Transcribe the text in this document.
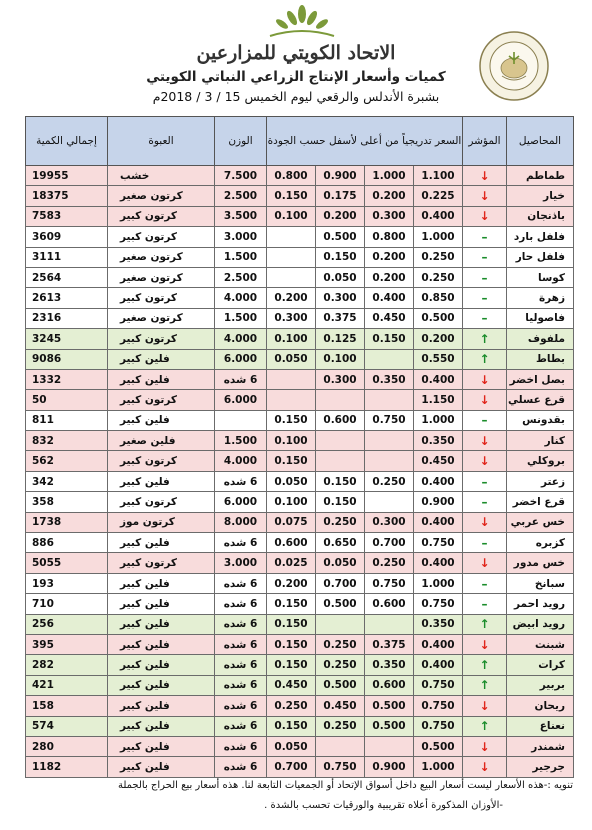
الاتحاد الكويتي للمزارعين
كميات وأسعار الإنتاج الزراعي النباتي الكويتي
بشبرة الأندلس والرقعي ليوم الخميس 15 / 3 / 2018م
المحاصيل	المؤشر	السعر تدريجياً من أعلى لأسفل حسب الجودة				الوزن	العبوة	إجمالي الكمية
طماطم	↓	1.100	1.000	0.900	0.800	7.500	خشب	19955
خيار	↓	0.225	0.200	0.175	0.150	2.500	كرتون صغير	18375
باذنجان	↓	0.400	0.300	0.200	0.100	3.500	كرتون كبير	7583
فلفل بارد	–	1.000	0.800	0.500		3.000	كرتون كبير	3609
فلفل حار	–	0.250	0.200	0.150		1.500	كرتون صغير	3111
كوسا	–	0.250	0.200	0.050		2.500	كرتون صغير	2564
زهرة	–	0.850	0.400	0.300	0.200	4.000	كرتون كبير	2613
فاصوليا	–	0.500	0.450	0.375	0.300	1.500	كرتون صغير	2316
ملفوف	↑	0.200	0.150	0.125	0.100	4.000	كرتون كبير	3245
بطاط	↑	0.550		0.100	0.050	6.000	فلين كبير	9086
بصل اخضر	↓	0.400	0.350	0.300		6 شده	فلين كبير	1332
قرع عسلي	↓	1.150				6.000	كرتون كبير	50
بقدونس	–	1.000	0.750	0.600	0.150		فلين كبير	811
كنار	↓	0.350			0.100	1.500	فلين صغير	832
بروكلي	↓	0.450			0.150	4.000	كرتون كبير	562
زعتر	–	0.400	0.250	0.150	0.050	6 شده	فلين كبير	342
قرع اخضر	–	0.900		0.150	0.100	6.000	كرتون كبير	358
خس عربي	↓	0.400	0.300	0.250	0.075	8.000	كرتون موز	1738
كزبره	–	0.750	0.700	0.650	0.600	6 شده	فلين كبير	886
خس مدور	↓	0.400	0.250	0.050	0.025	3.000	كرتون كبير	5055
سبانخ	–	1.000	0.750	0.700	0.200	6 شده	فلين كبير	193
رويد احمر	–	0.750	0.600	0.500	0.150	6 شده	فلين كبير	710
رويد ابيض	↑	0.350			0.150	6 شده	فلين كبير	256
شبنت	↓	0.400	0.375	0.250	0.150	6 شده	فلين كبير	395
كرات	↑	0.400	0.350	0.250	0.150	6 شده	فلين كبير	282
بربير	↑	0.750	0.600	0.500	0.450	6 شده	فلين كبير	421
ريحان	↓	0.750	0.500	0.450	0.250	6 شده	فلين كبير	158
نعناع	↑	0.750	0.500	0.250	0.150	6 شده	فلين كبير	574
شمندر	↓	0.500			0.050	6 شده	فلين كبير	280
جرجير	↓	1.000	0.900	0.750	0.700	6 شده	فلين كبير	1182
تنويه :-هذه الأسعار ليست أسعار البيع داخل أسواق الإتحاد أو الجمعيات التابعة لنا. هذه أسعار بيع الحراج بالجملة
-الأوزان المذكورة أعلاه تقريبية والورقيات تحسب بالشدة .
